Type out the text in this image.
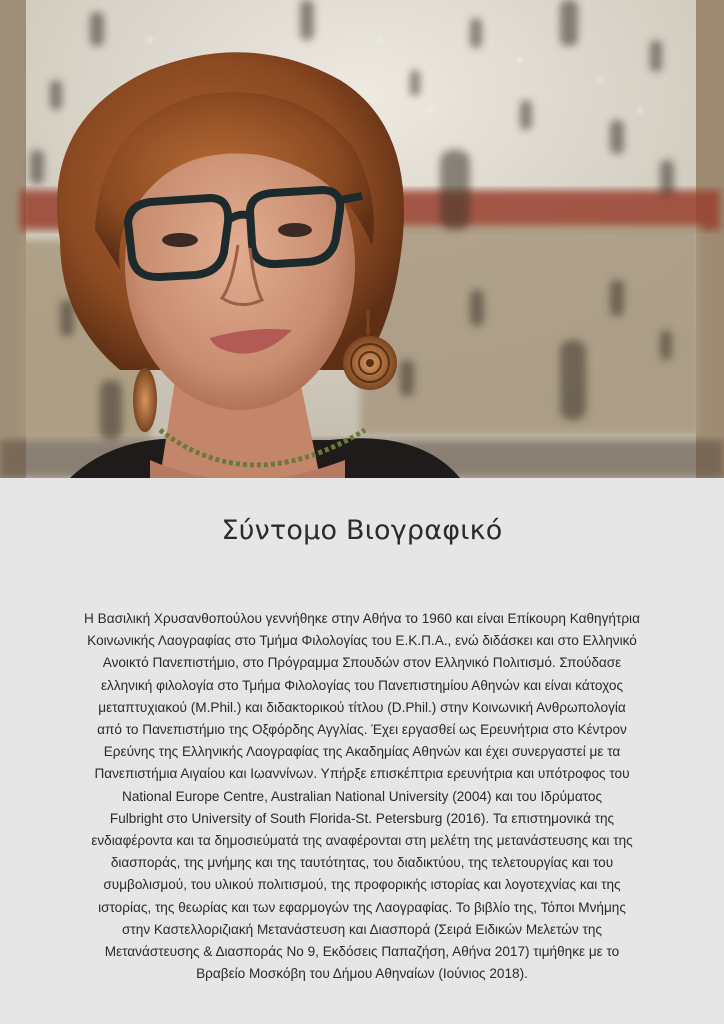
Σύντομο Βιογραφικό

Η Βασιλική Χρυσανθοπούλου γεννήθηκε στην Αθήνα το 1960 και είναι Επίκουρη Καθηγήτρια
Κοινωνικής Λαογραφίας στο Τμήμα Φιλολογίας του Ε.Κ.Π.Α., ενώ διδάσκει και στο Ελληνικό
Ανοικτό Πανεπιστήμιο, στο Πρόγραμμα Σπουδών στον Ελληνικό Πολιτισμό. Σπούδασε
ελληνική φιλολογία στο Τμήμα Φιλολογίας του Πανεπιστημίου Αθηνών και είναι κάτοχος
μεταπτυχιακού (M.Phil.) και διδακτορικού τίτλου (D.Phil.) στην Κοινωνική Ανθρωπολογία
από το Πανεπιστήμιο της Οξφόρδης Αγγλίας. Έχει εργασθεί ως Ερευνήτρια στο Κέντρον
Ερεύνης της Ελληνικής Λαογραφίας της Ακαδημίας Αθηνών και έχει συνεργαστεί με τα
Πανεπιστήμια Αιγαίου και Ιωαννίνων. Υπήρξε επισκέπτρια ερευνήτρια και υπότροφος του
National Europe Centre, Australian National University (2004) και του Ιδρύματος
Fulbright στο University of South Florida-St. Petersburg (2016). Τα επιστημονικά της
ενδιαφέροντα και τα δημοσιεύματά της αναφέρονται στη μελέτη της μετανάστευσης και της
διασποράς, της μνήμης και της ταυτότητας, του διαδικτύου, της τελετουργίας και του
συμβολισμού, του υλικού πολιτισμού, της προφορικής ιστορίας και λογοτεχνίας και της
ιστορίας, της θεωρίας και των εφαρμογών της Λαογραφίας. Το βιβλίο της, Τόποι Μνήμης
στην Καστελλοριζιακή Μετανάστευση και Διασπορά (Σειρά Ειδικών Μελετών της
Μετανάστευσης & Διασποράς Νο 9, Εκδόσεις Παπαζήση, Αθήνα 2017) τιμήθηκε με το
Βραβείο Μοσκόβη του Δήμου Αθηναίων (Ιούνιος 2018).
